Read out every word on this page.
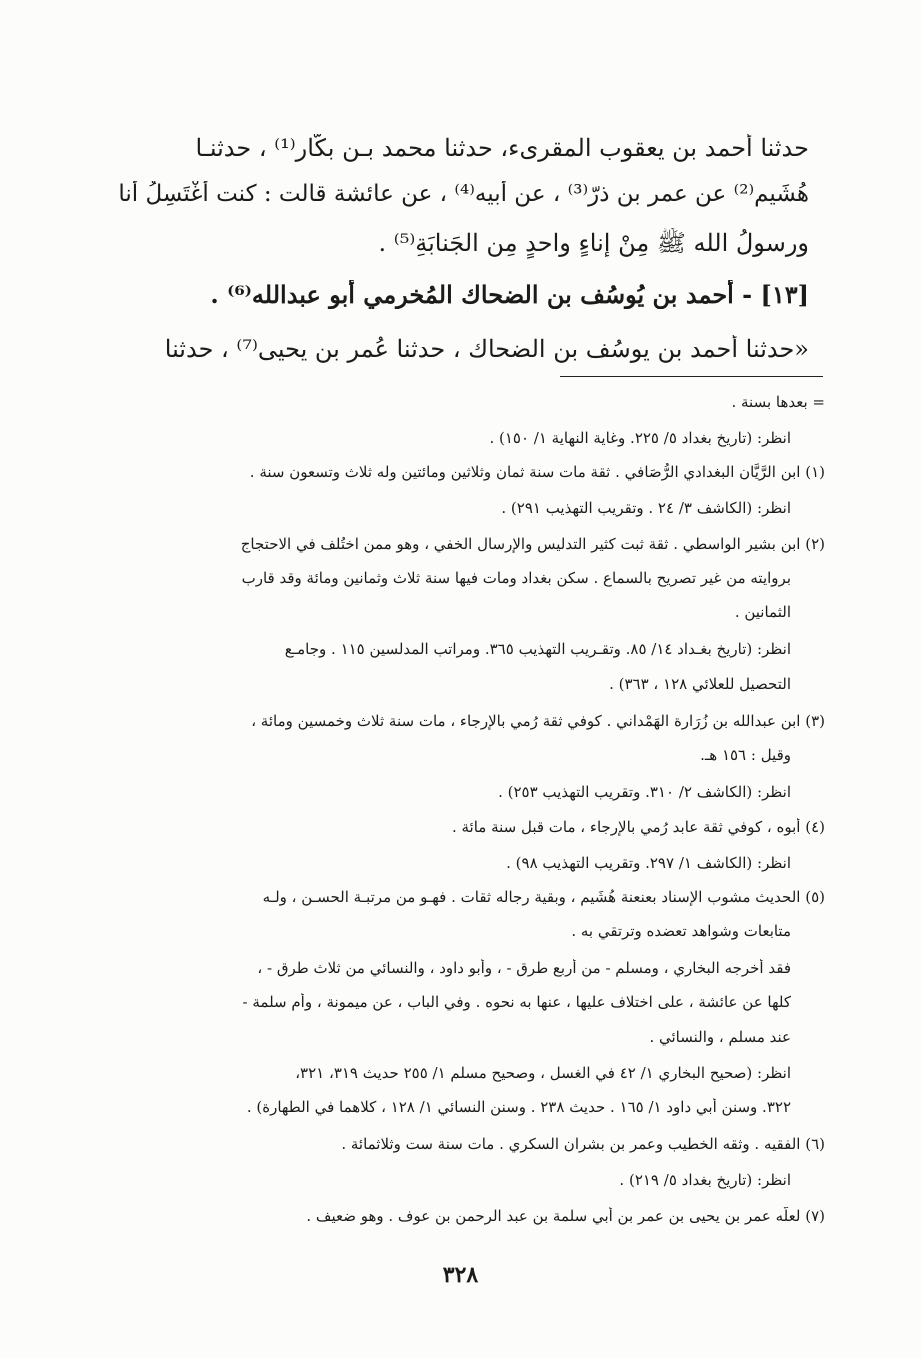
حدثنا أحمد بن يعقوب المقرىء، حدثنا محمد بـن بكّار⁽¹⁾ ، حدثنـا
هُشَيم⁽²⁾ عن عمر بن ذرّ⁽³⁾ ، عن أبيه⁽⁴⁾ ، عن عائشة قالت : كنت أغْتَسِلُ أنا
ورسولُ الله ﷺ مِنْ إناءٍ واحدٍ مِن الجَنابَةِ⁽⁵⁾ .
[١٣] - أحمد بن يُوسُف بن الضحاك المُخرمي أبو عبدالله⁽⁶⁾ .
«حدثنا أحمد بن يوسُف بن الضحاك ، حدثنا عُمر بن يحيى⁽⁷⁾ ، حدثنا
= بعدها بسنة .
انظر: (تاريخ بغداد ٥/ ٢٢٥. وغاية النهاية ١/ ١٥٠) .
(١) ابن الرَّيَّان البغدادي الرُّصَافي . ثقة مات سنة ثمان وثلاثين ومائتين وله ثلاث وتسعون سنة .
انظر: (الكاشف ٣/ ٢٤ . وتقريب التهذيب ٢٩١) .
(٢) ابن بشير الواسطي . ثقة ثبت كثير التدليس والإرسال الخفي ، وهو ممن اختُلف في الاحتجاج
بروايته من غير تصريح بالسماع . سكن بغداد ومات فيها سنة ثلاث وثمانين ومائة وقد قارب
الثمانين .
انظر: (تاريخ بغـداد ١٤/ ٨٥. وتقـريب التهذيب ٣٦٥. ومراتب المدلسين ١١٥ . وجامـع
التحصيل للعلائي ١٢٨ ، ٣٦٣) .
(٣) ابن عبدالله بن زُرَارة الهَمْداني . كوفي ثقة رُمي بالإرجاء ، مات سنة ثلاث وخمسين ومائة ،
وقيل : ١٥٦ هـ.
انظر: (الكاشف ٢/ ٣١٠. وتقريب التهذيب ٢٥٣) .
(٤) أبوه ، كوفي ثقة عابد رُمي بالإرجاء ، مات قبل سنة مائة .
انظر: (الكاشف ١/ ٢٩٧. وتقريب التهذيب ٩٨) .
(٥) الحديث مشوب الإسناد بعنعنة هُشَيم ، وبقية رجاله ثقات . فهـو من مرتبـة الحسـن ، ولـه
متابعات وشواهد تعضده وترتقي به .
فقد أخرجه البخاري ، ومسلم - من أربع طرق - ، وأبو داود ، والنسائي من ثلاث طرق - ،
كلها عن عائشة ، على اختلاف عليها ، عنها به نحوه . وفي الباب ، عن ميمونة ، وأم سلمة -
عند مسلم ، والنسائي .
انظر: (صحيح البخاري ١/ ٤٢ في الغسل ، وصحيح مسلم ١/ ٢٥٥ حديث ٣١٩، ٣٢١،
٣٢٢. وسنن أبي داود ١/ ١٦٥ . حديث ٢٣٨ . وسنن النسائي ١/ ١٢٨ ، كلاهما في الطهارة) .
(٦) الفقيه . وثقه الخطيب وعمر بن بشران السكري . مات سنة ست وثلاثمائة .
انظر: (تاريخ بغداد ٥/ ٢١٩) .
(٧) لعلّه عمر بن يحيى بن عمر بن أبي سلمة بن عبد الرحمن بن عوف . وهو ضعيف .
٣٢٨
